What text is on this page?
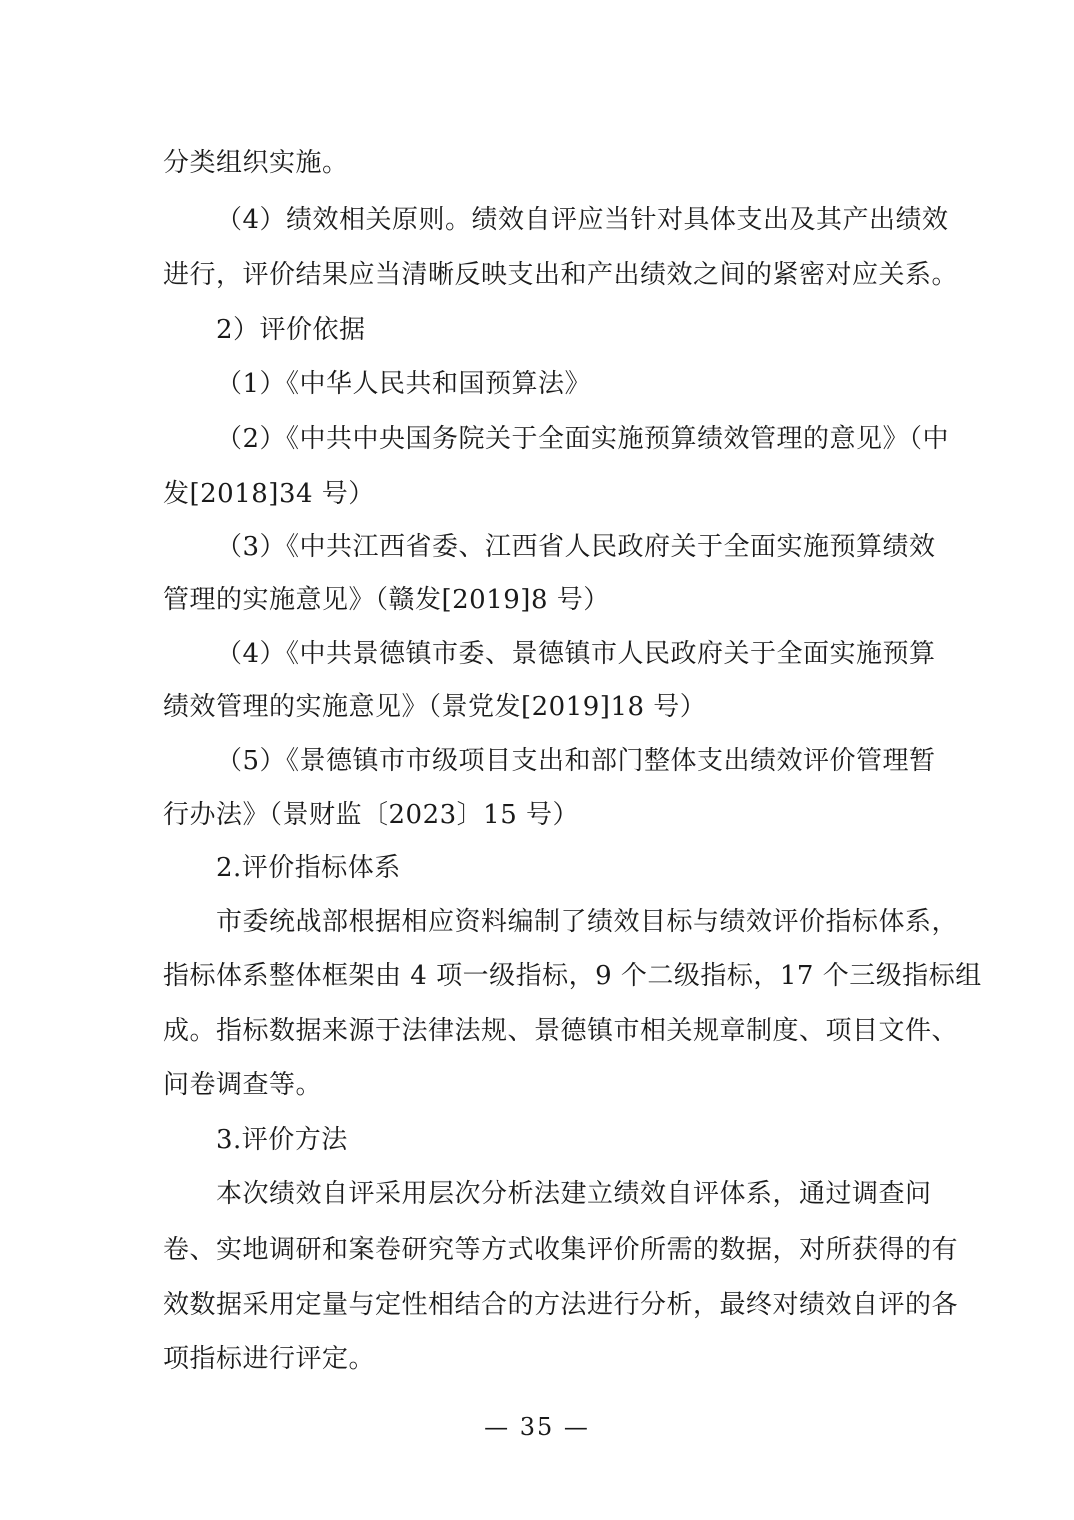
分类组织实施。
（4）绩效相关原则。绩效自评应当针对具体支出及其产出绩效
进行，评价结果应当清晰反映支出和产出绩效之间的紧密对应关系。
2）评价依据
（1）《中华人民共和国预算法》
（2）《中共中央国务院关于全面实施预算绩效管理的意见》（中
发[2018]34 号）
（3）《中共江西省委、江西省人民政府关于全面实施预算绩效
管理的实施意见》（赣发[2019]8 号）
（4）《中共景德镇市委、景德镇市人民政府关于全面实施预算
绩效管理的实施意见》（景党发[2019]18 号）
（5）《景德镇市市级项目支出和部门整体支出绩效评价管理暂
行办法》（景财监〔2023〕15 号）
2.评价指标体系
市委统战部根据相应资料编制了绩效目标与绩效评价指标体系，
指标体系整体框架由 4 项一级指标，9 个二级指标，17 个三级指标组
成。指标数据来源于法律法规、景德镇市相关规章制度、项目文件、
问卷调查等。
3.评价方法
本次绩效自评采用层次分析法建立绩效自评体系，通过调查问
卷、实地调研和案卷研究等方式收集评价所需的数据，对所获得的有
效数据采用定量与定性相结合的方法进行分析，最终对绩效自评的各
项指标进行评定。
— 35 —
